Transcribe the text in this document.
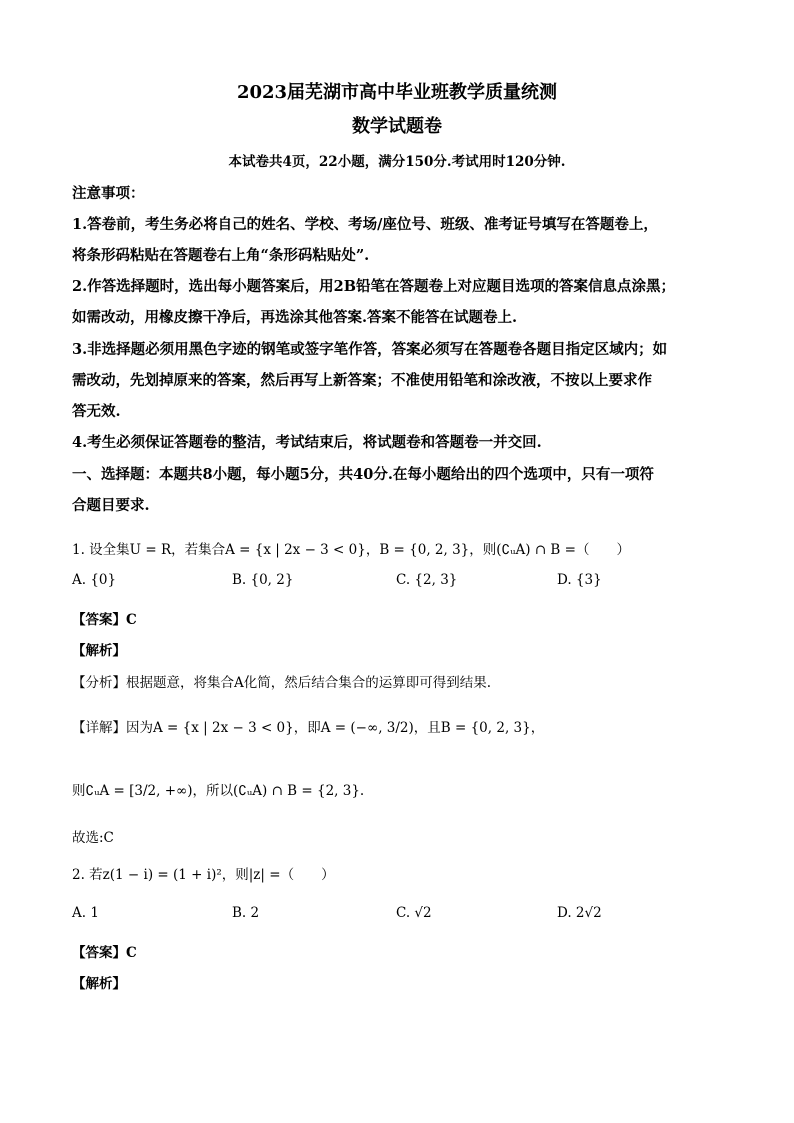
2023届芜湖市高中毕业班教学质量统测
数学试题卷
本试卷共4页，22小题，满分150分.考试用时120分钟.
注意事项：
1.答卷前，考生务必将自己的姓名、学校、考场/座位号、班级、准考证号填写在答题卷上，
将条形码粘贴在答题卷右上角“条形码粘贴处”.
2.作答选择题时，选出每小题答案后，用2B铅笔在答题卷上对应题目选项的答案信息点涂黑；
如需改动，用橡皮擦干净后，再选涂其他答案.答案不能答在试题卷上.
3.非选择题必须用黑色字迹的钢笔或签字笔作答，答案必须写在答题卷各题目指定区域内；如
需改动，先划掉原来的答案，然后再写上新答案；不准使用铅笔和涂改液，不按以上要求作
答无效.
4.考生必须保证答题卷的整洁，考试结束后，将试题卷和答题卷一并交回.
一、选择题：本题共8小题，每小题5分，共40分.在每小题给出的四个选项中，只有一项符
合题目要求.
1. 设全集U = R，若集合A = {x | 2x − 3 < 0}，B = {0, 2, 3}，则(∁ᵤA) ∩ B =（　　）
A. {0}	B. {0, 2}	C. {2, 3}	D. {3}
【答案】C
【解析】
【分析】根据题意，将集合A化简，然后结合集合的运算即可得到结果.
【详解】因为A = {x | 2x − 3 < 0}，即A = (−∞, 3/2)，且B = {0, 2, 3}，
则∁ᵤA = [3/2, +∞)，所以(∁ᵤA) ∩ B = {2, 3}.
故选:C
2. 若z(1 − i) = (1 + i)²，则|z| =（　　）
A. 1	B. 2	C. √2	D. 2√2
【答案】C
【解析】
